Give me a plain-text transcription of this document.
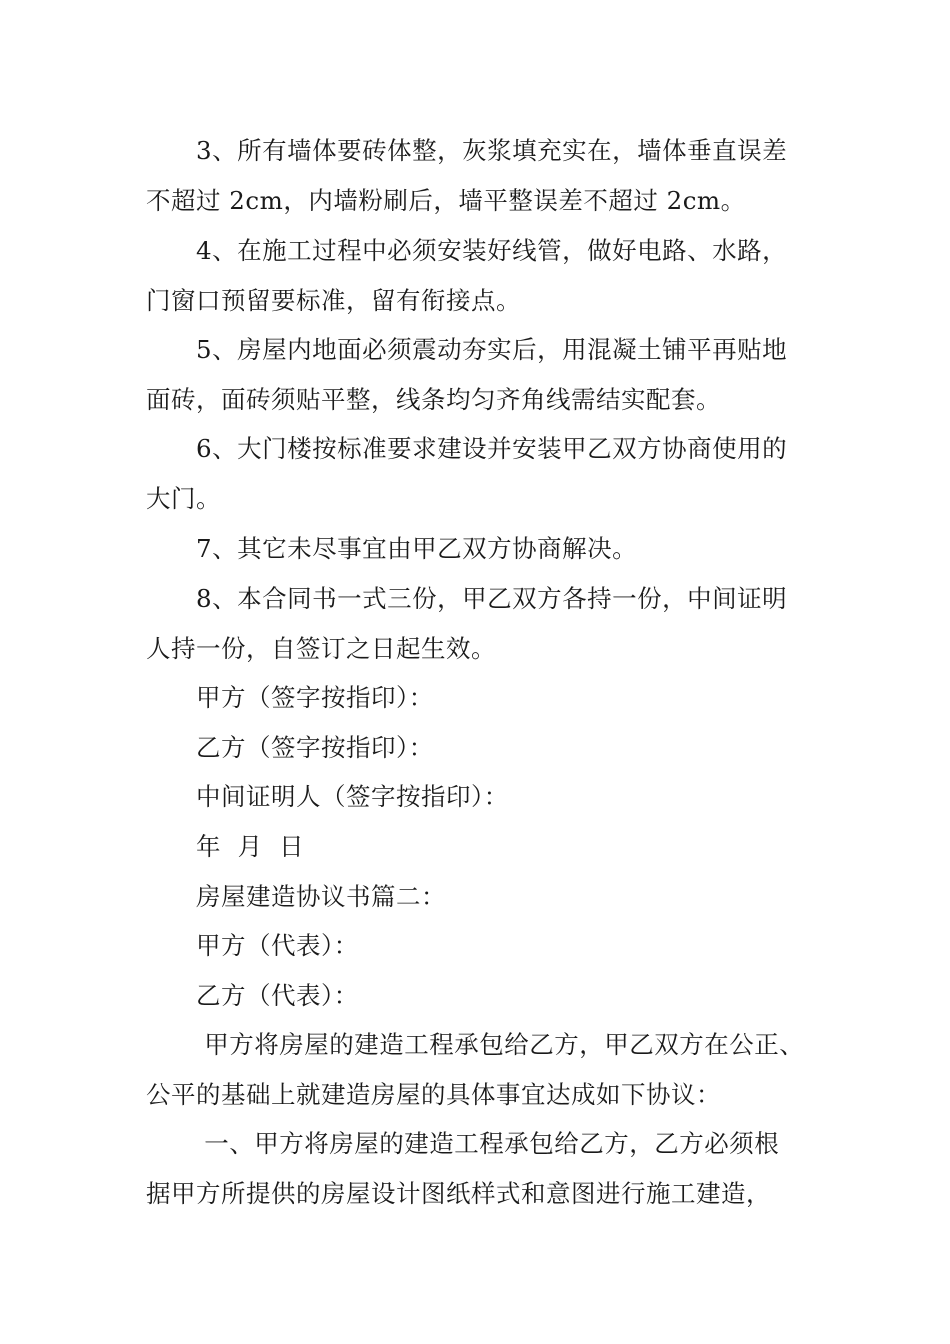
3、所有墙体要砖体整，灰浆填充实在，墙体垂直误差
不超过 2cm，内墙粉刷后，墙平整误差不超过 2cm。
4、在施工过程中必须安装好线管，做好电路、水路，
门窗口预留要标准，留有衔接点。
5、房屋内地面必须震动夯实后，用混凝土铺平再贴地
面砖，面砖须贴平整，线条均匀齐角线需结实配套。
6、大门楼按标准要求建设并安装甲乙双方协商使用的
大门。
7、其它未尽事宜由甲乙双方协商解决。
8、本合同书一式三份，甲乙双方各持一份，中间证明
人持一份，自签订之日起生效。
甲方（签字按指印）：
乙方（签字按指印）：
中间证明人（签字按指印）：
年  月  日
房屋建造协议书篇二：
甲方（代表）：
乙方（代表）：
甲方将房屋的建造工程承包给乙方，甲乙双方在公正、
公平的基础上就建造房屋的具体事宜达成如下协议：
一、甲方将房屋的建造工程承包给乙方，乙方必须根
据甲方所提供的房屋设计图纸样式和意图进行施工建造，
